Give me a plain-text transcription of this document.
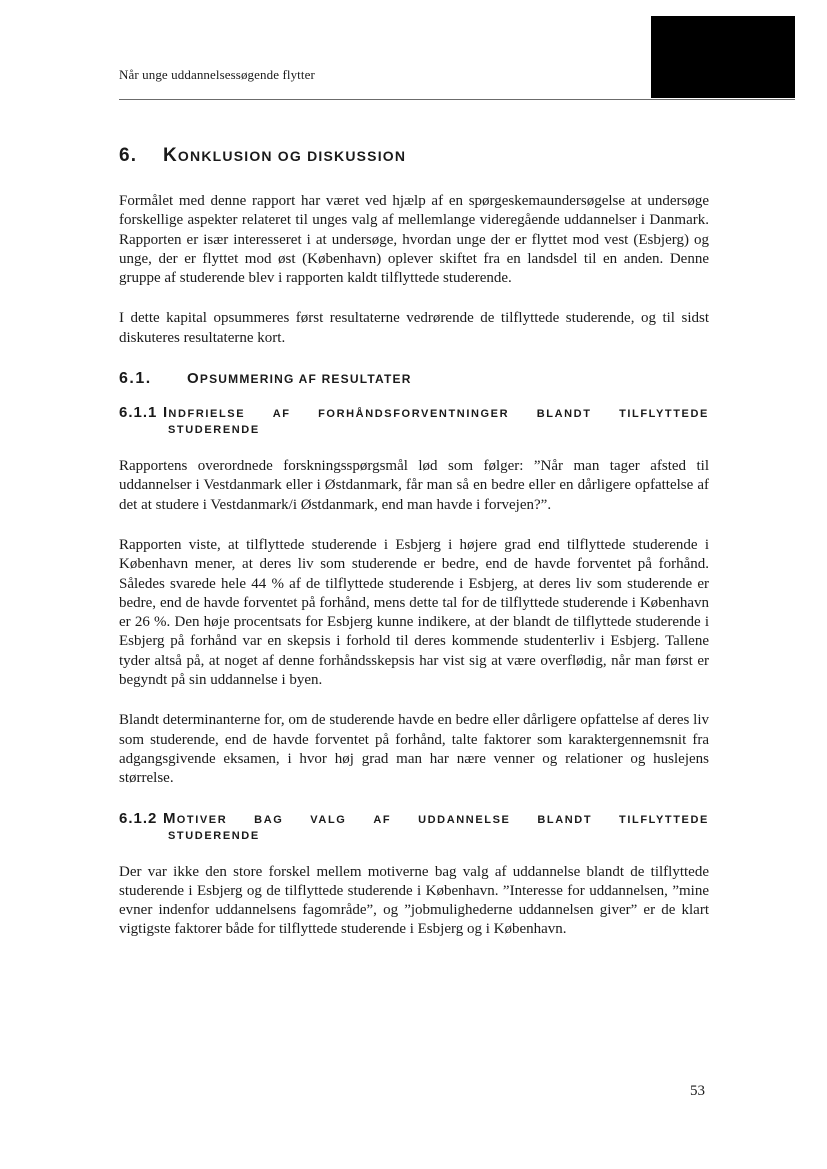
Når unge uddannelsessøgende flytter
6.	KONKLUSION OG DISKUSSION

Formålet med denne rapport har været ved hjælp af en spørgeskemaundersøgelse at undersøge forskellige aspekter relateret til unges valg af mellemlange videregående uddannelser i Danmark. Rapporten er især interesseret i at undersøge, hvordan unge der er flyttet mod vest (Esbjerg) og unge, der er flyttet mod øst (København) oplever skiftet fra en landsdel til en anden. Denne gruppe af studerende blev i rapporten kaldt tilflyttede studerende.

I dette kapital opsummeres først resultaterne vedrørende de tilflyttede studerende, og til sidst diskuteres resultaterne kort.

6.1.	OPSUMMERING AF RESULTATER
6.1.1 INDFRIELSE	AF	FORHÅNDSFORVENTNINGER	BLANDT	TILFLYTTEDE
STUDERENDE

Rapportens overordnede forskningsspørgsmål lød som følger: ”Når man tager afsted til uddannelser i Vestdanmark eller i Østdanmark, får man så en bedre eller en dårligere opfattelse af det at studere i Vestdanmark/i Østdanmark, end man havde i forvejen?”.

Rapporten viste, at tilflyttede studerende i Esbjerg i højere grad end tilflyttede studerende i København mener, at deres liv som studerende er bedre, end de havde forventet på forhånd. Således svarede hele 44 % af de tilflyttede studerende i Esbjerg, at deres liv som studerende er bedre, end de havde forventet på forhånd, mens dette tal for de tilflyttede studerende i København er 26 %. Den høje procentsats for Esbjerg kunne indikere, at der blandt de tilflyttede studerende i Esbjerg på forhånd var en skepsis i forhold til deres kommende studenterliv i Esbjerg. Tallene tyder altså på, at noget af denne forhåndsskepsis har vist sig at være overflødig, når man først er begyndt på sin uddannelse i byen.

Blandt determinanterne for, om de studerende havde en bedre eller dårligere opfattelse af deres liv som studerende, end de havde forventet på forhånd, talte faktorer som karaktergennemsnit fra adgangsgivende eksamen, i hvor høj grad man har nære venner og relationer og huslejens størrelse.

6.1.2 MOTIVER BAG VALG AF UDDANNELSE BLANDT TILFLYTTEDE
STUDERENDE

Der var ikke den store forskel mellem motiverne bag valg af uddannelse blandt de tilflyttede studerende i Esbjerg og de tilflyttede studerende i København. ”Interesse for uddannelsen, ”mine evner indenfor uddannelsens fagområde”, og ”jobmulighederne uddannelsen giver” er de klart vigtigste faktorer både for tilflyttede studerende i Esbjerg og i København.

53
